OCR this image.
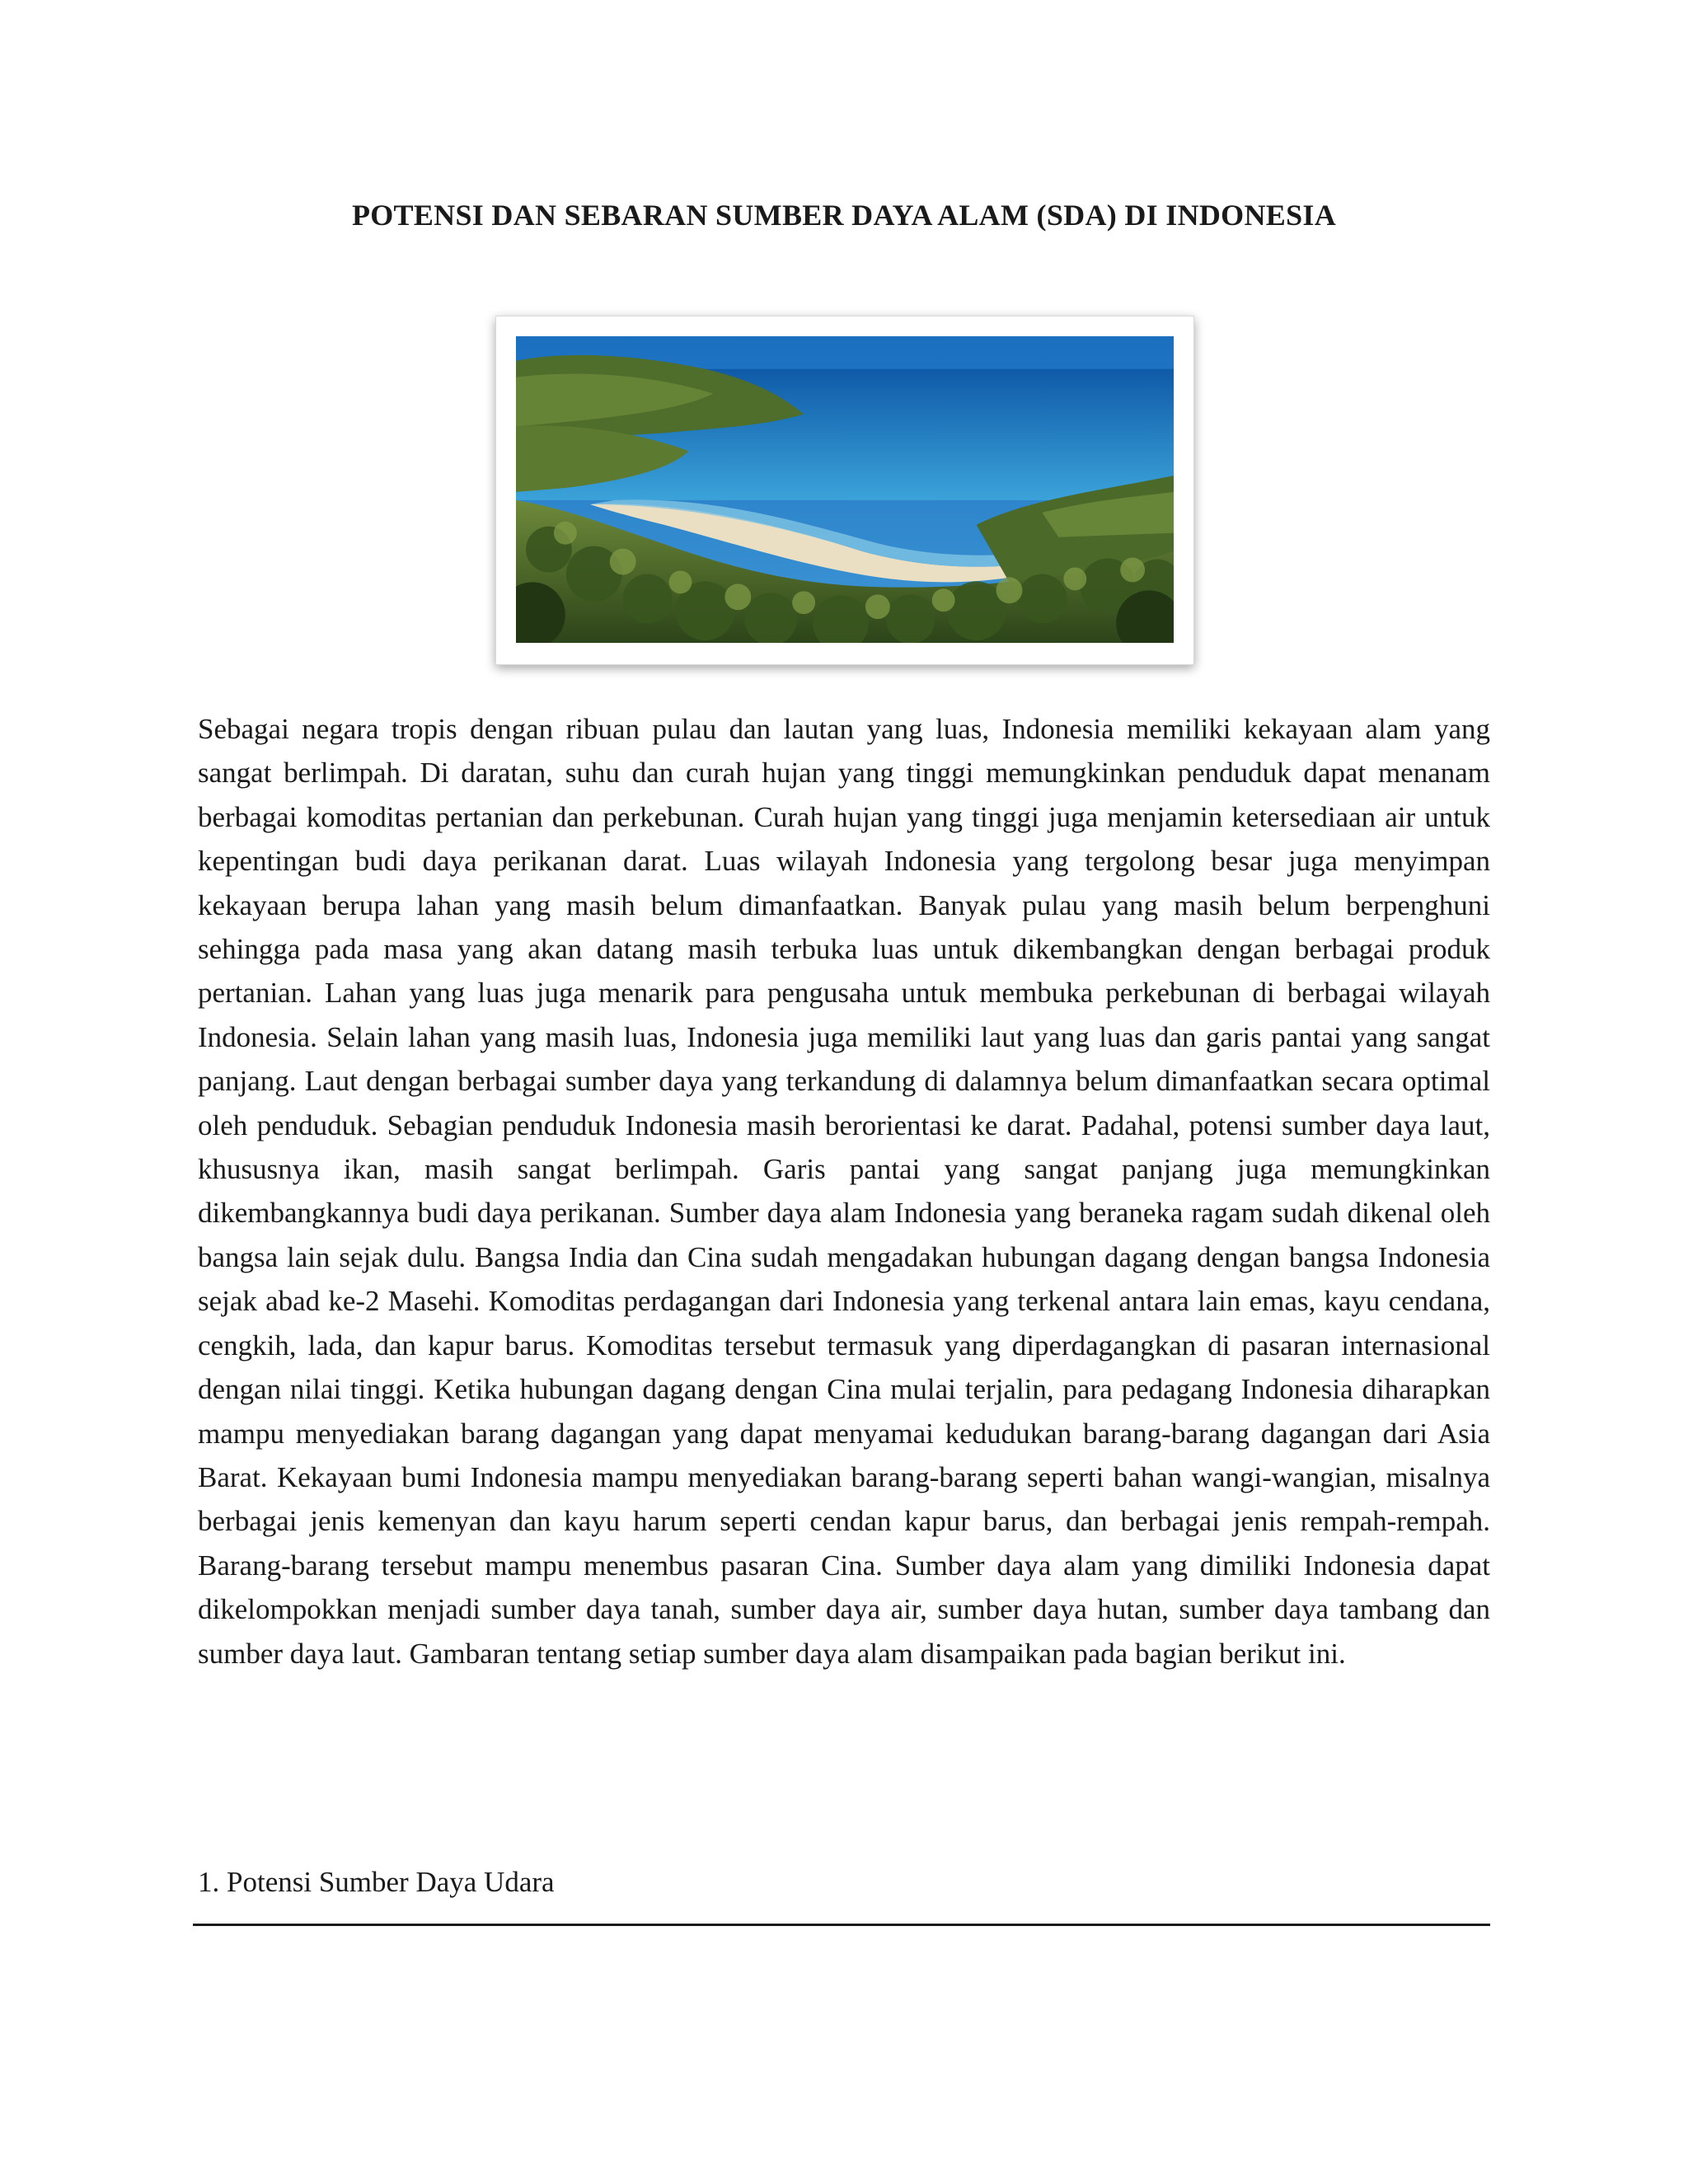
POTENSI DAN SEBARAN SUMBER DAYA ALAM (SDA) DI INDONESIA

Sebagai negara tropis dengan ribuan pulau dan lautan yang luas, Indonesia memiliki kekayaan alam yang sangat berlimpah. Di daratan, suhu dan curah hujan yang tinggi memungkinkan penduduk dapat menanam berbagai komoditas pertanian dan perkebunan. Curah hujan yang tinggi juga menjamin ketersediaan air untuk kepentingan budi daya perikanan darat. Luas wilayah Indonesia yang tergolong besar juga menyimpan kekayaan berupa lahan yang masih belum dimanfaatkan. Banyak pulau yang masih belum berpenghuni sehingga pada masa yang akan datang masih terbuka luas untuk dikembangkan dengan berbagai produk pertanian. Lahan yang luas juga menarik para pengusaha untuk membuka perkebunan di berbagai wilayah Indonesia. Selain lahan yang masih luas, Indonesia juga memiliki laut yang luas dan garis pantai yang sangat panjang. Laut dengan berbagai sumber daya yang terkandung di dalamnya belum dimanfaatkan secara optimal oleh penduduk. Sebagian penduduk Indonesia masih berorientasi ke darat. Padahal, potensi sumber daya laut, khususnya ikan, masih sangat berlimpah. Garis pantai yang sangat panjang juga memungkinkan dikembangkannya budi daya perikanan. Sumber daya alam Indonesia yang beraneka ragam sudah dikenal oleh bangsa lain sejak dulu. Bangsa India dan Cina sudah mengadakan hubungan dagang dengan bangsa Indonesia sejak abad ke-2 Masehi. Komoditas perdagangan dari Indonesia yang terkenal antara lain emas, kayu cendana, cengkih, lada, dan kapur barus. Komoditas tersebut termasuk yang diperdagangkan di pasaran internasional dengan nilai tinggi. Ketika hubungan dagang dengan Cina mulai terjalin, para pedagang Indonesia diharapkan mampu menyediakan barang dagangan yang dapat menyamai kedudukan barang-barang dagangan dari Asia Barat. Kekayaan bumi Indonesia mampu menyediakan barang-barang seperti bahan wangi-wangian, misalnya berbagai jenis kemenyan dan kayu harum seperti cendan kapur barus, dan berbagai jenis rempah-rempah. Barang-barang tersebut mampu menembus pasaran Cina. Sumber daya alam yang dimiliki Indonesia dapat dikelompokkan menjadi sumber daya tanah, sumber daya air, sumber daya hutan, sumber daya tambang dan sumber daya laut. Gambaran tentang setiap sumber daya alam disampaikan pada bagian berikut ini.

1. Potensi Sumber Daya Udara
